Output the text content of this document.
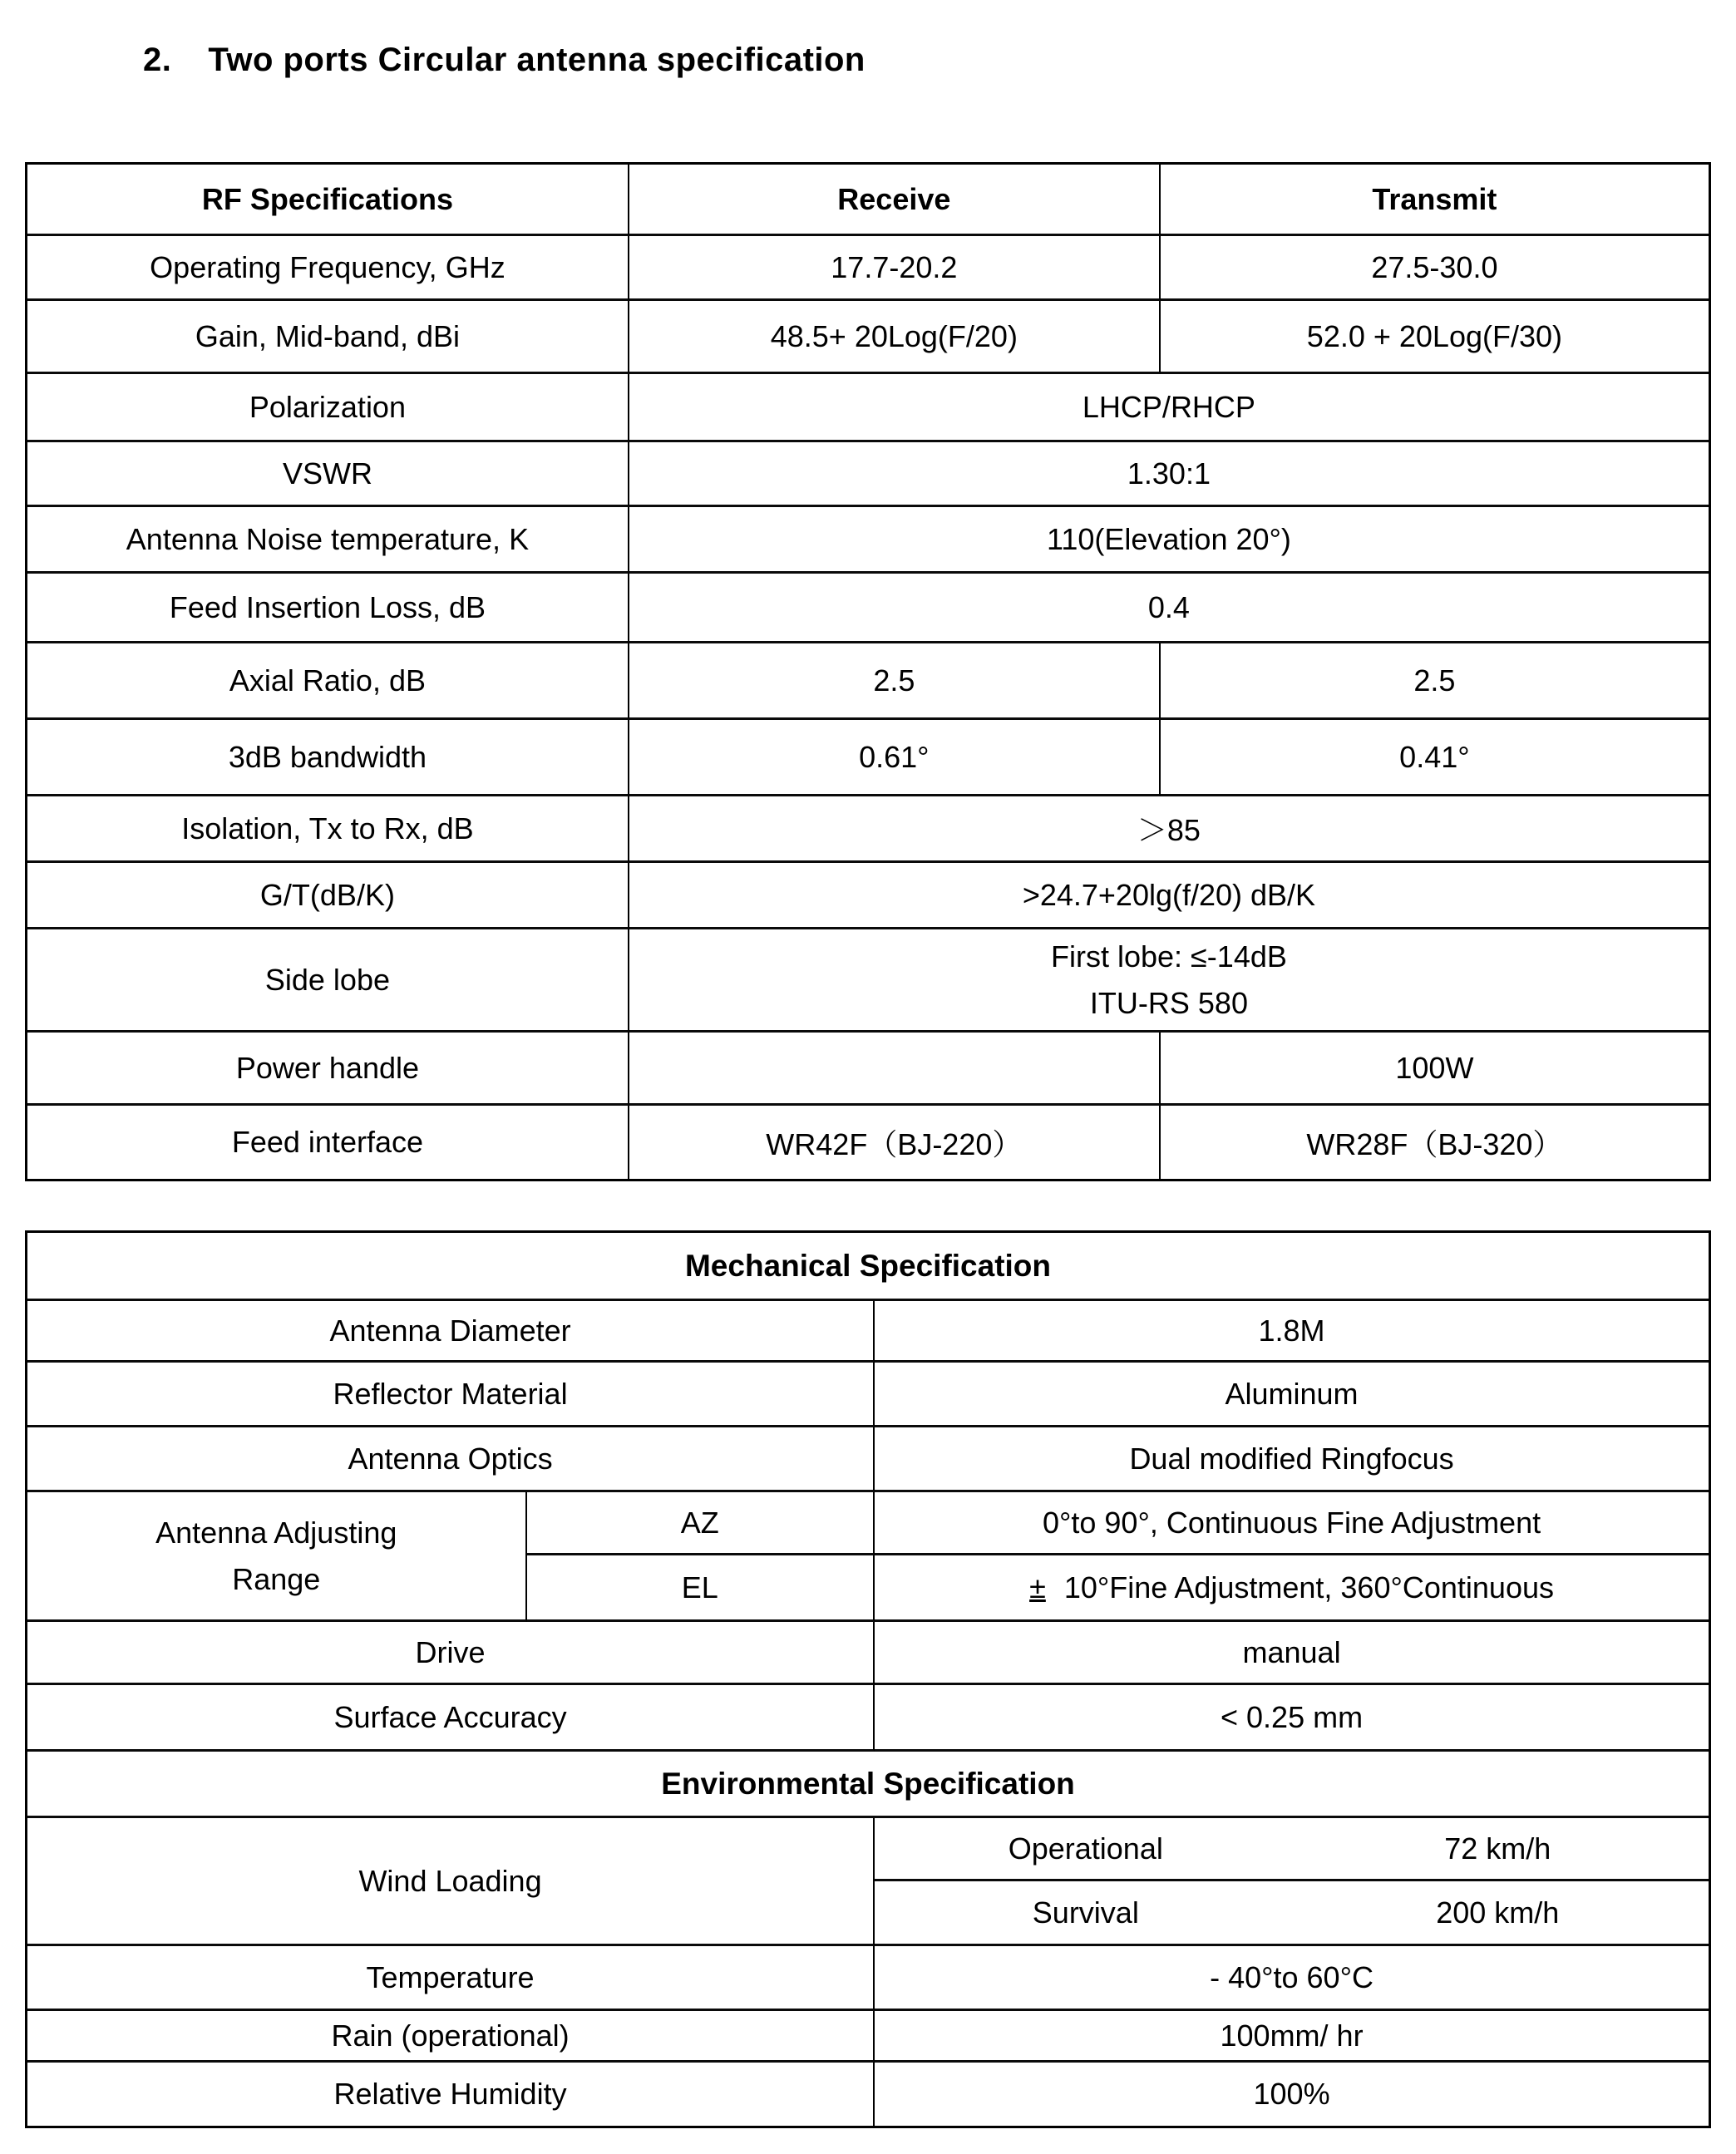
2. Two ports Circular antenna specification
RF Specifications	Receive	Transmit
Operating Frequency, GHz	17.7-20.2	27.5-30.0
Gain, Mid-band, dBi	48.5+ 20Log(F/20)	52.0 + 20Log(F/30)
Polarization	LHCP/RHCP	
VSWR	1.30:1	
Antenna Noise temperature, K	110(Elevation 20°)	
Feed Insertion Loss, dB	0.4	
Axial Ratio, dB	2.5	2.5
3dB bandwidth	0.61°	0.41°
Isolation, Tx to Rx, dB	＞85	
G/T(dB/K)	>24.7+20lg(f/20) dB/K	
Side lobe	First lobe: ≤-14dB
ITU-RS 580	

Power handle		100W
Feed interface	WR42F（BJ-220）	WR28F（BJ-320）
Mechanical Specification		
Antenna Diameter		1.8M
Reflector Material		Aluminum
Antenna Optics		Dual modified Ringfocus

Antenna Adjusting
Range	AZ	0°to 90°, Continuous Fine Adjustment
	EL	± 10°Fine Adjustment, 360°Continuous
Drive		manual
Surface Accuracy		< 0.25 mm
Environmental Specification		
Wind Loading		Operational 72 km/h

		Survival 200 km/h

Temperature		- 40°to 60°C
Rain (operational)		100mm/ hr
Relative Humidity		100%
